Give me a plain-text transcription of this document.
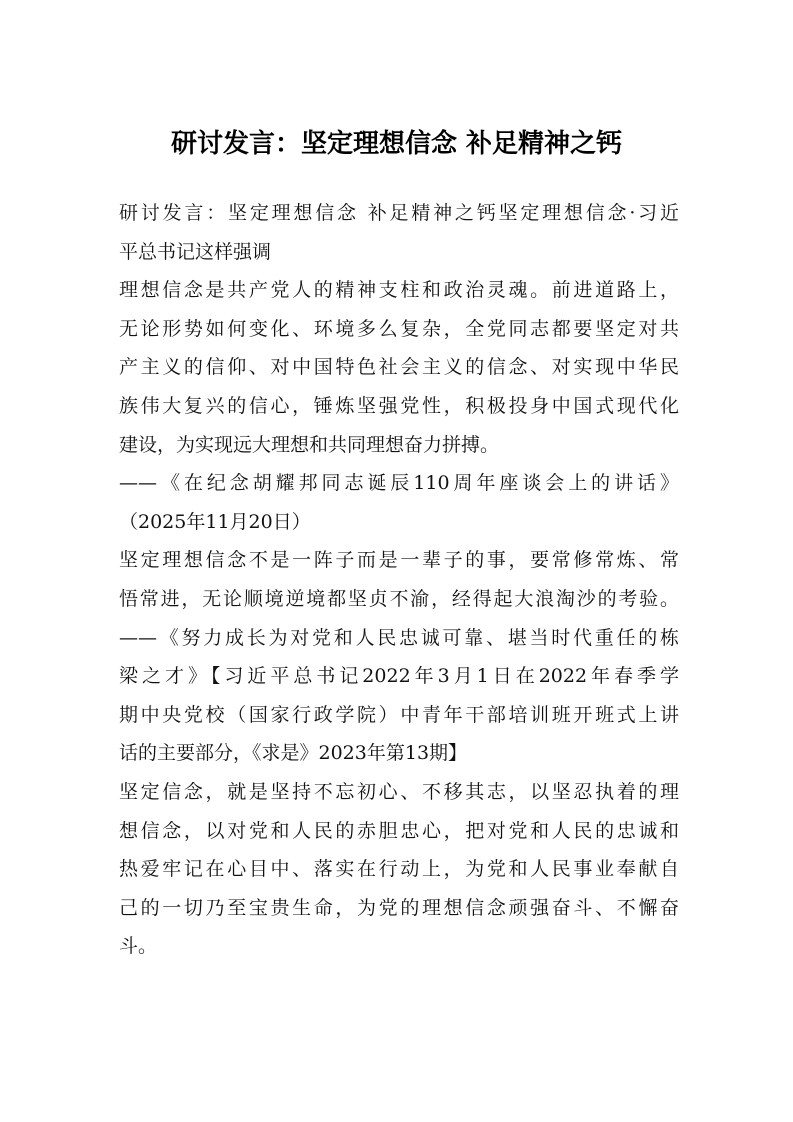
研讨发言：坚定理想信念 补足精神之钙
研讨发言：坚定理想信念 补足精神之钙坚定理想信念·习近
平总书记这样强调
理想信念是共产党人的精神支柱和政治灵魂。前进道路上，
无论形势如何变化、环境多么复杂，全党同志都要坚定对共
产主义的信仰、对中国特色社会主义的信念、对实现中华民
族伟大复兴的信心，锤炼坚强党性，积极投身中国式现代化
建设，为实现远大理想和共同理想奋力拼搏。
——《在纪念胡耀邦同志诞辰110周年座谈会上的讲话》
（2025年11月20日）
坚定理想信念不是一阵子而是一辈子的事，要常修常炼、常
悟常进，无论顺境逆境都坚贞不渝，经得起大浪淘沙的考验。
——《努力成长为对党和人民忠诚可靠、堪当时代重任的栋
梁之才》【习近平总书记2022年3月1日在2022年春季学
期中央党校（国家行政学院）中青年干部培训班开班式上讲
话的主要部分，《求是》2023年第13期】
坚定信念，就是坚持不忘初心、不移其志，以坚忍执着的理
想信念，以对党和人民的赤胆忠心，把对党和人民的忠诚和
热爱牢记在心目中、落实在行动上，为党和人民事业奉献自
己的一切乃至宝贵生命，为党的理想信念顽强奋斗、不懈奋
斗。
